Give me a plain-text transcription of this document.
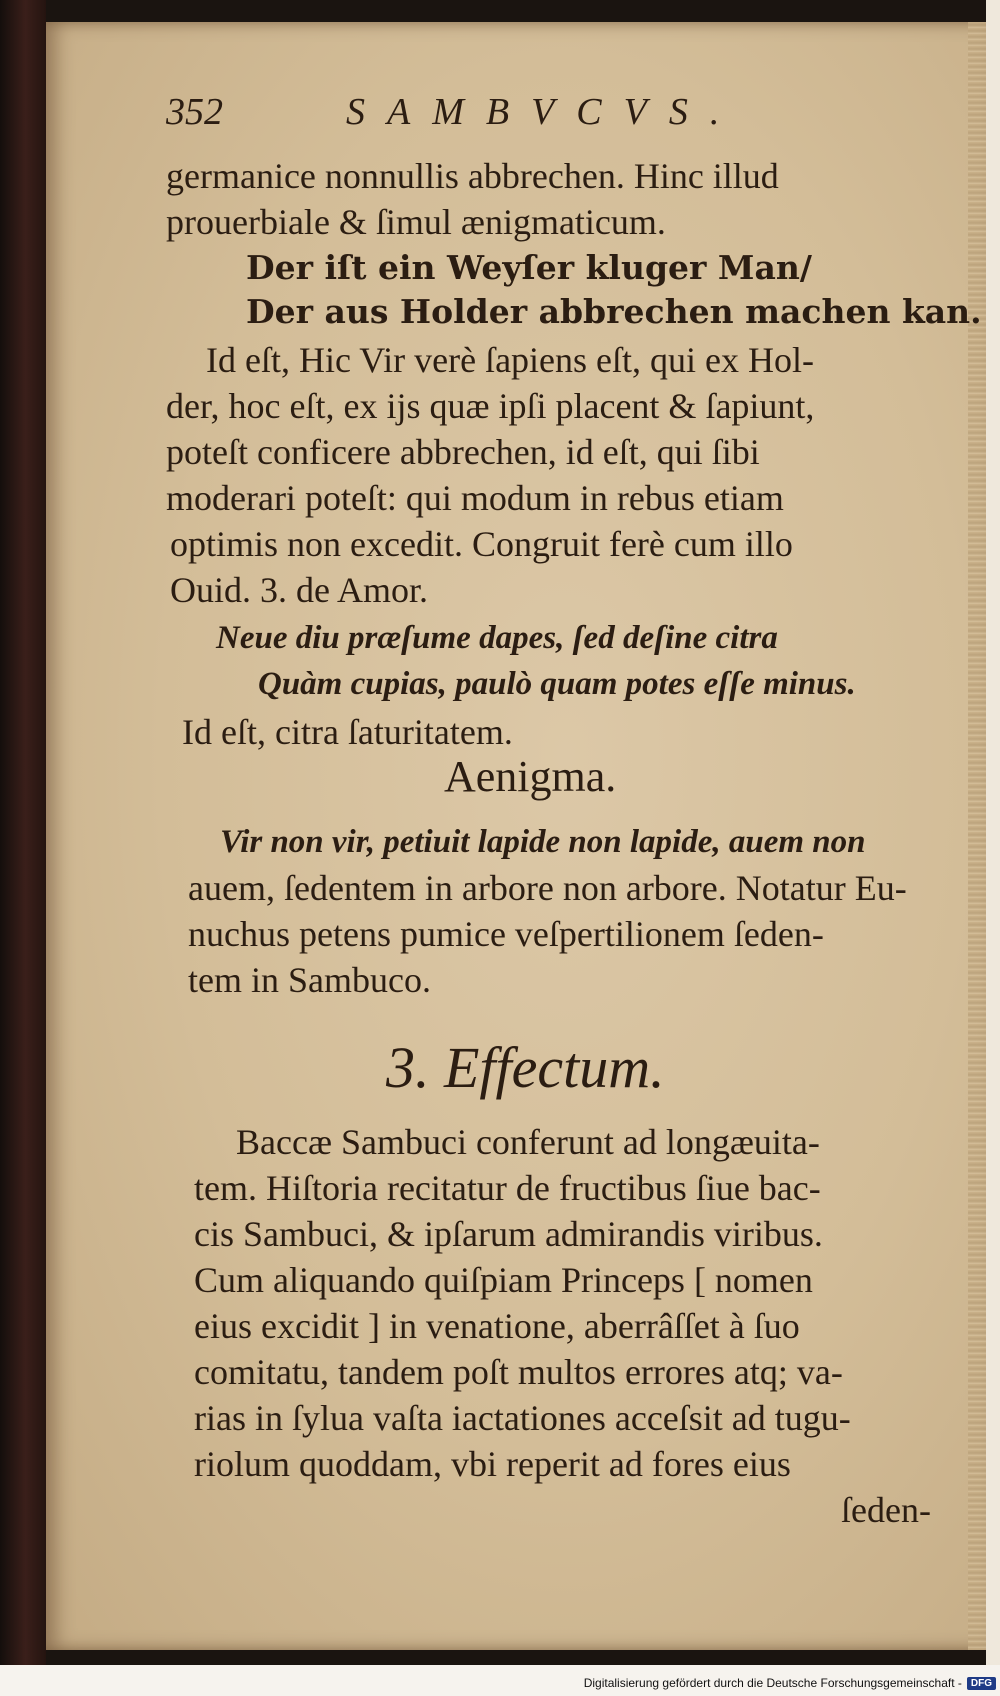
352	SAMBVCVS.
germanice nonnullis abbrechen. Hinc illud
prouerbiale & ſimul ænigmaticum.
Der iſt ein Weyſer kluger Man/
Der aus Holder abbrechen machen kan.
Id eſt, Hic Vir verè ſapiens eſt, qui ex Hol-
der, hoc eſt, ex ijs quæ ipſi placent & ſapiunt,
poteſt conficere abbrechen, id eſt, qui ſibi
moderari poteſt: qui modum in rebus etiam
optimis non excedit. Congruit ferè cum illo
Ouid. 3. de Amor.
Neue diu præſume dapes, ſed deſine citra
Quàm cupias, paulò quam potes eſſe minus.
Id eſt, citra ſaturitatem.
Aenigma.
Vir non vir, petiuit lapide non lapide, auem non
auem, ſedentem in arbore non arbore. Notatur Eu-
nuchus petens pumice veſpertilionem ſeden-
tem in Sambuco.
3. Effectum.
Baccæ Sambuci conferunt ad longæuita-
tem. Hiſtoria recitatur de fructibus ſiue bac-
cis Sambuci, & ipſarum admirandis viribus.
Cum aliquando quiſpiam Princeps [ nomen
eius excidit ] in venatione, aberrâſſet à ſuo
comitatu, tandem poſt multos errores atq; va-
rias in ſylua vaſta iactationes acceſsit ad tugu-
riolum quoddam, vbi reperit ad fores eius
ſeden-
Digitalisierung gefördert durch die Deutsche Forschungsgemeinschaft - DFG
